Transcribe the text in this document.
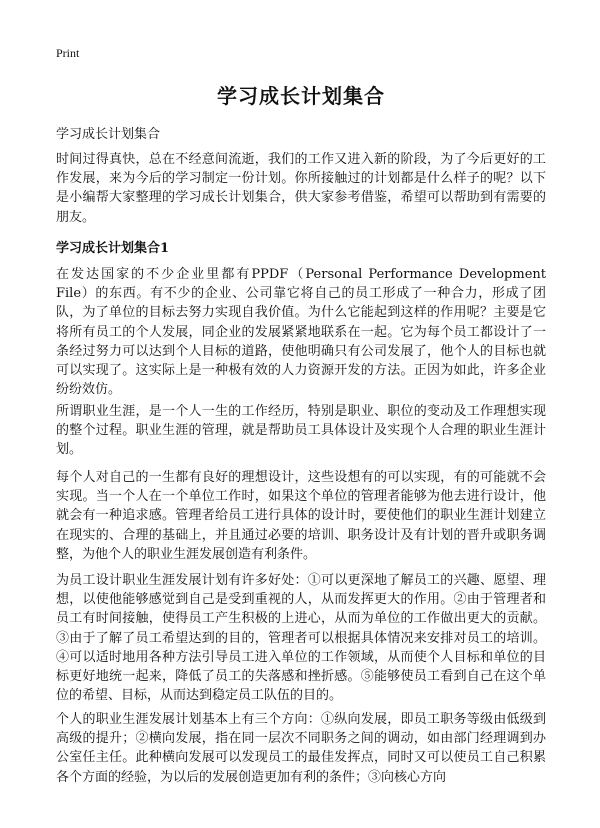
Print
学习成长计划集合
学习成长计划集合

时间过得真快，总在不经意间流逝，我们的工作又进入新的阶段，为了今后更好的工作发展，来为今后的学习制定一份计划。你所接触过的计划都是什么样子的呢？以下是小编帮大家整理的学习成长计划集合，供大家参考借鉴，希望可以帮助到有需要的朋友。

学习成长计划集合1

在发达国家的不少企业里都有PPDF（Personal Performance Development File）的东西。有不少的企业、公司靠它将自己的员工形成了一种合力，形成了团队，为了单位的目标去努力实现自我价值。为什么它能起到这样的作用呢？主要是它将所有员工的个人发展，同企业的发展紧紧地联系在一起。它为每个员工都设计了一条经过努力可以达到个人目标的道路，使他明确只有公司发展了，他个人的目标也就可以实现了。这实际上是一种极有效的人力资源开发的方法。正因为如此，许多企业纷纷效仿。

所谓职业生涯，是一个人一生的工作经历，特别是职业、职位的变动及工作理想实现的整个过程。职业生涯的管理，就是帮助员工具体设计及实现个人合理的职业生涯计划。

每个人对自己的一生都有良好的理想设计，这些设想有的可以实现，有的可能就不会实现。当一个人在一个单位工作时，如果这个单位的管理者能够为他去进行设计，他就会有一种追求感。管理者给员工进行具体的设计时，要使他们的职业生涯计划建立在现实的、合理的基础上，并且通过必要的培训、职务设计及有计划的晋升或职务调整，为他个人的职业生涯发展创造有利条件。

为员工设计职业生涯发展计划有许多好处：①可以更深地了解员工的兴趣、愿望、理想，以使他能够感觉到自己是受到重视的人，从而发挥更大的作用。②由于管理者和员工有时间接触，使得员工产生积极的上进心，从而为单位的工作做出更大的贡献。③由于了解了员工希望达到的目的，管理者可以根据具体情况来安排对员工的培训。④可以适时地用各种方法引导员工进入单位的工作领域，从而使个人目标和单位的目标更好地统一起来，降低了员工的失落感和挫折感。⑤能够使员工看到自己在这个单位的希望、目标，从而达到稳定员工队伍的目的。

个人的职业生涯发展计划基本上有三个方向：①纵向发展，即员工职务等级由低级到高级的提升；②横向发展，指在同一层次不同职务之间的调动，如由部门经理调到办公室任主任。此种横向发展可以发现员工的最佳发挥点，同时又可以使员工自己积累各个方面的经验，为以后的发展创造更加有利的条件；③向核心方向
